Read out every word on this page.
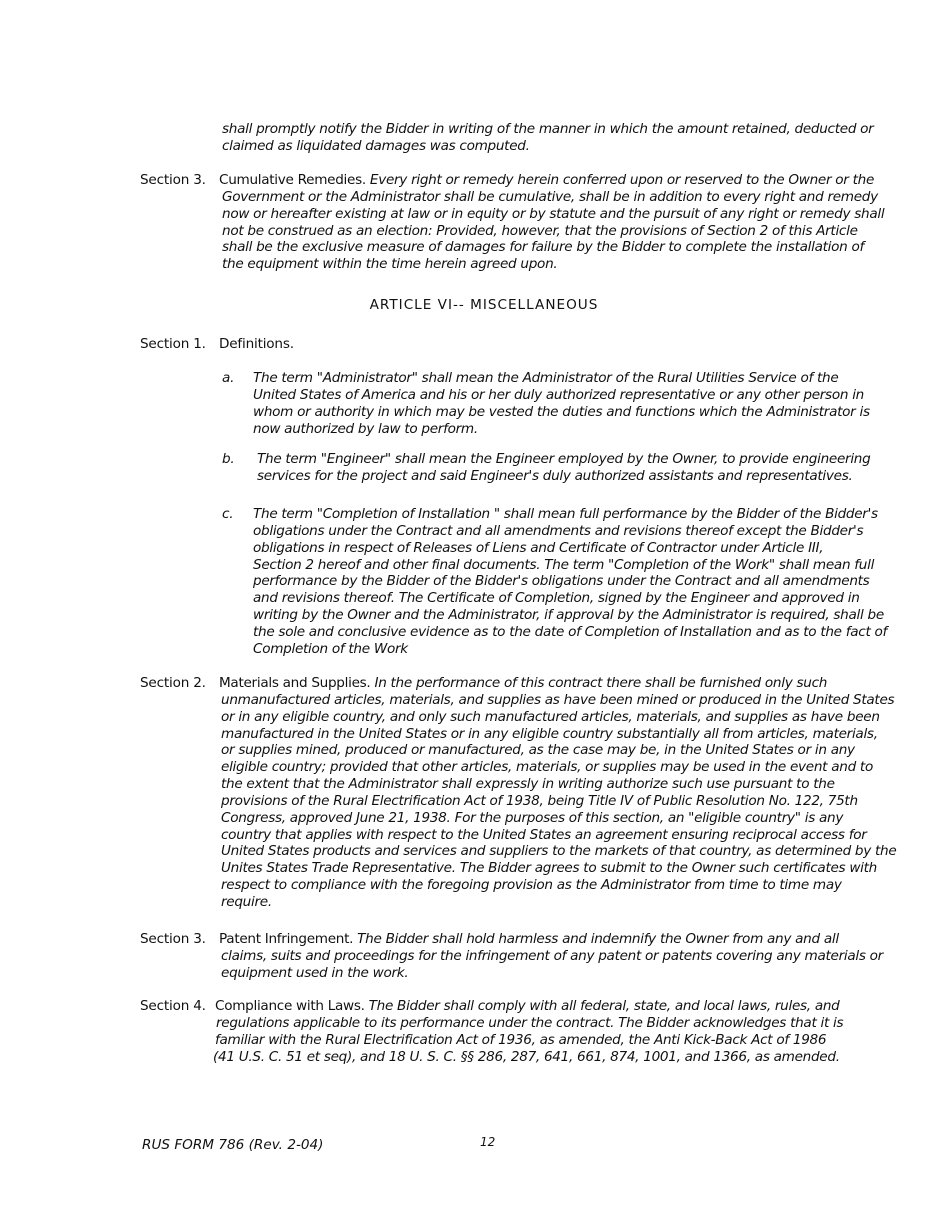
shall promptly notify the Bidder in writing of the manner in which the amount retained, deducted or
claimed as liquidated damages was computed.
Section 3. Cumulative Remedies. Every right or remedy herein conferred upon or reserved to the Owner or the
Government or the Administrator shall be cumulative, shall be in addition to every right and remedy
now or hereafter existing at law or in equity or by statute and the pursuit of any right or remedy shall
not be construed as an election: Provided, however, that the provisions of Section 2 of this Article
shall be the exclusive measure of damages for failure by the Bidder to complete the installation of
the equipment within the time herein agreed upon.
ARTICLE VI-- MISCELLANEOUS
Section 1. Definitions.
a. The term "Administrator" shall mean the Administrator of the Rural Utilities Service of the
United States of America and his or her duly authorized representative or any other person in
whom or authority in which may be vested the duties and functions which the Administrator is
now authorized by law to perform.
b. The term "Engineer" shall mean the Engineer employed by the Owner, to provide engineering
services for the project and said Engineer's duly authorized assistants and representatives.
c. The term "Completion of Installation " shall mean full performance by the Bidder of the Bidder's
obligations under the Contract and all amendments and revisions thereof except the Bidder's
obligations in respect of Releases of Liens and Certificate of Contractor under Article III,
Section 2 hereof and other final documents. The term "Completion of the Work" shall mean full
performance by the Bidder of the Bidder's obligations under the Contract and all amendments
and revisions thereof. The Certificate of Completion, signed by the Engineer and approved in
writing by the Owner and the Administrator, if approval by the Administrator is required, shall be
the sole and conclusive evidence as to the date of Completion of Installation and as to the fact of
Completion of the Work
Section 2. Materials and Supplies. In the performance of this contract there shall be furnished only such
unmanufactured articles, materials, and supplies as have been mined or produced in the United States
or in any eligible country, and only such manufactured articles, materials, and supplies as have been
manufactured in the United States or in any eligible country substantially all from articles, materials,
or supplies mined, produced or manufactured, as the case may be, in the United States or in any
eligible country; provided that other articles, materials, or supplies may be used in the event and to
the extent that the Administrator shall expressly in writing authorize such use pursuant to the
provisions of the Rural Electrification Act of 1938, being Title IV of Public Resolution No. 122, 75th
Congress, approved June 21, 1938. For the purposes of this section, an "eligible country" is any
country that applies with respect to the United States an agreement ensuring reciprocal access for
United States products and services and suppliers to the markets of that country, as determined by the
Unites States Trade Representative. The Bidder agrees to submit to the Owner such certificates with
respect to compliance with the foregoing provision as the Administrator from time to time may
require.
Section 3. Patent Infringement. The Bidder shall hold harmless and indemnify the Owner from any and all
claims, suits and proceedings for the infringement of any patent or patents covering any materials or
equipment used in the work.
Section 4. Compliance with Laws. The Bidder shall comply with all federal, state, and local laws, rules, and
regulations applicable to its performance under the contract. The Bidder acknowledges that it is
familiar with the Rural Electrification Act of 1936, as amended, the Anti Kick-Back Act of 1986
(41 U.S. C. 51 et seq), and 18 U. S. C. §§ 286, 287, 641, 661, 874, 1001, and 1366, as amended.
RUS FORM 786 (Rev. 2-04)	12
